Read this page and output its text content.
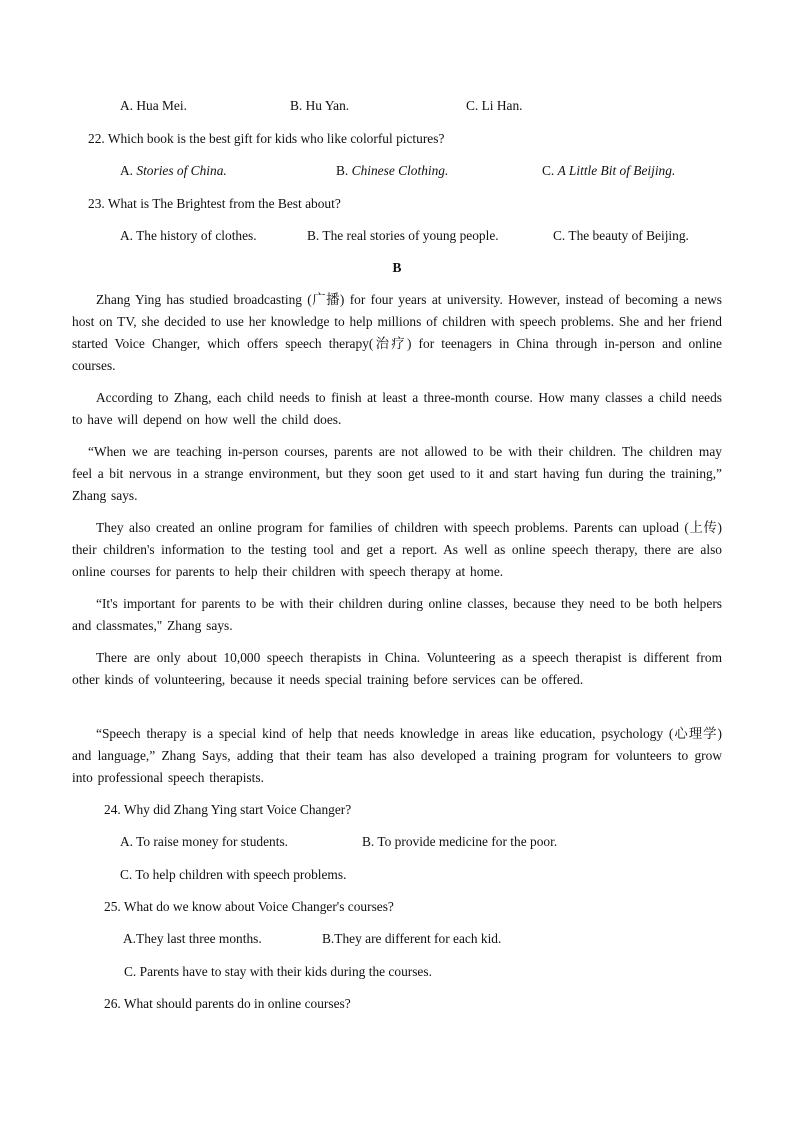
A. Hua Mei.	B. Hu Yan.	C. Li Han.
22. Which book is the best gift for kids who like colorful pictures?
A. Stories of China.	B. Chinese Clothing.	C. A Little Bit of Beijing.
23. What is The Brightest from the Best about?
A. The history of clothes.	B. The real stories of young people.	C. The beauty of Beijing.
B
Zhang Ying has studied broadcasting (广播) for four years at university. However, instead of becoming a news host on TV, she decided to use her knowledge to help millions of children with speech problems. She and her friend started Voice Changer, which offers speech therapy(治疗) for teenagers in China through in-person and online courses.
According to Zhang, each child needs to finish at least a three-month course. How many classes a child needs to have will depend on how well the child does.
“When we are teaching in-person courses, parents are not allowed to be with their children. The children may feel a bit nervous in a strange environment, but they soon get used to it and start having fun during the training,” Zhang says.
They also created an online program for families of children with speech problems. Parents can upload (上传) their children's information to the testing tool and get a report. As well as online speech therapy, there are also online courses for parents to help their children with speech therapy at home.
“It's important for parents to be with their children during online classes, because they need to be both helpers and classmates," Zhang says.
There are only about 10,000 speech therapists in China. Volunteering as a speech therapist is different from other kinds of volunteering, because it needs special training before services can be offered.
“Speech therapy is a special kind of help that needs knowledge in areas like education, psychology (心理学) and language,” Zhang Says, adding that their team has also developed a training program for volunteers to grow into professional speech therapists.
24. Why did Zhang Ying start Voice Changer?
A. To raise money for students.	B. To provide medicine for the poor.
C. To help children with speech problems.
25. What do we know about Voice Changer's courses?
A.They last three months.	B.They are different for each kid.
C. Parents have to stay with their kids during the courses.
26. What should parents do in online courses?
